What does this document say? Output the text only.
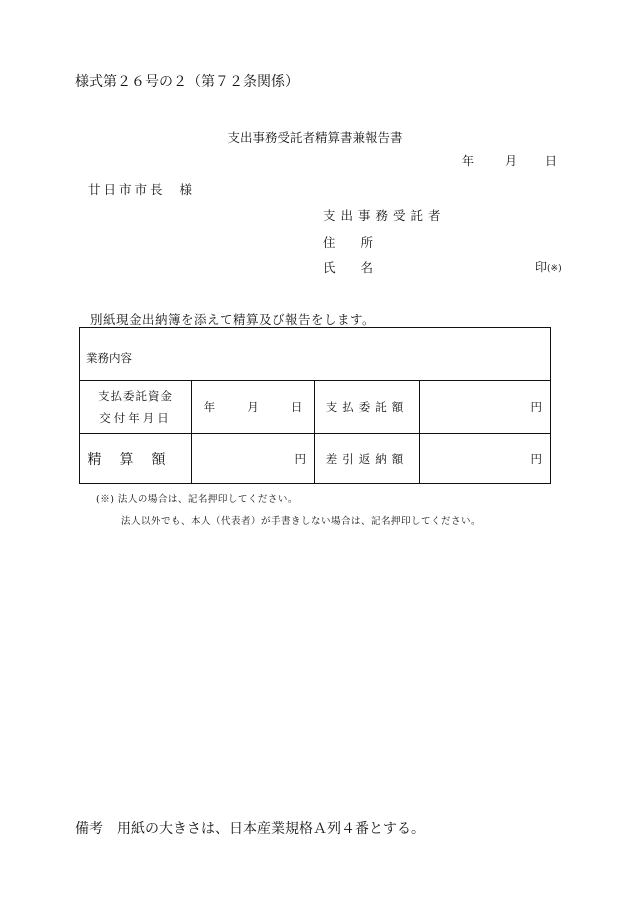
様式第２６号の２（第７２条関係）
支出事務受託者精算書兼報告書
年	月	日
廿日市市長 様
支出事務受託者
住　　所
氏　　名	印(※)
別紙現金出納簿を添えて精算及び報告をします。
業務内容			

支払委託資金
交付年月日	年 月 日	支払委託額	円
精算額	円	差引返納額	円
(※) 法人の場合は、記名押印してください。
法人以外でも、本人（代表者）が手書きしない場合は、記名押印してください。
備考 用紙の大きさは、日本産業規格Ａ列４番とする。
